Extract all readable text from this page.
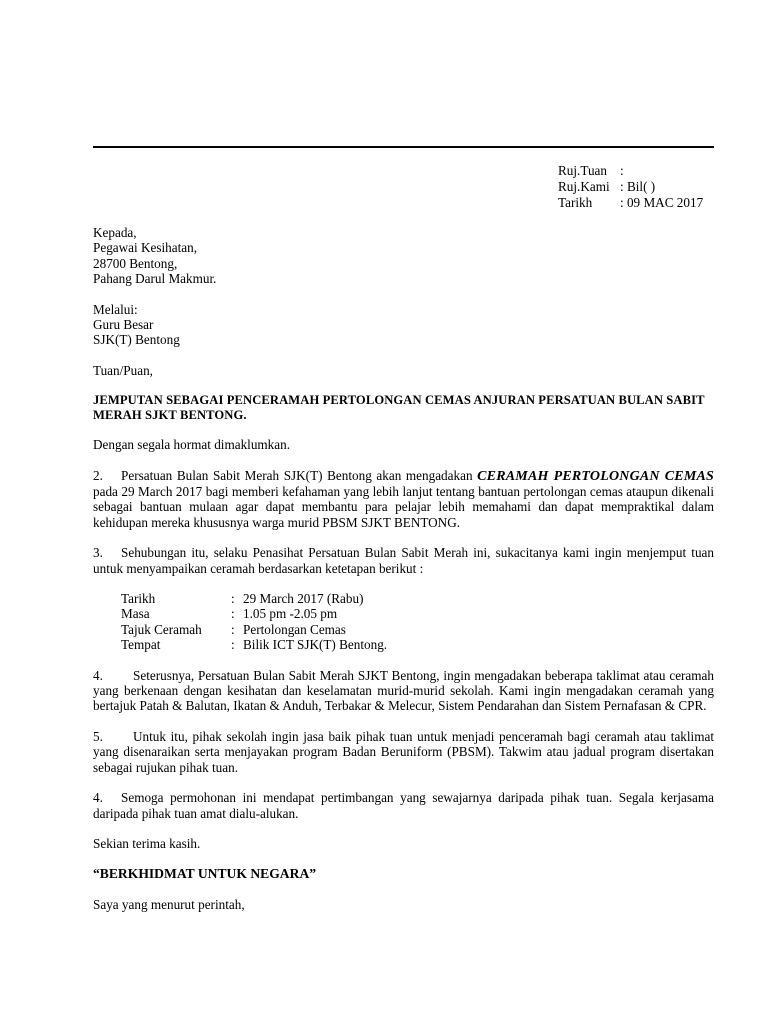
Ruj.Tuan :
Ruj.Kami : Bil( )
Tarikh	: 09 MAC 2017

Kepada,

Pegawai Kesihatan,

28700 Bentong,

Pahang Darul Makmur.

Melalui:

Guru Besar

SJK(T) Bentong

Tuan/Puan,

JEMPUTAN SEBAGAI PENCERAMAH PERTOLONGAN CEMAS ANJURAN PERSATUAN BULAN SABIT MERAH SJKT BENTONG.

Dengan segala hormat dimaklumkan.

2. Persatuan Bulan Sabit Merah SJK(T) Bentong akan mengadakan CERAMAH PERTOLONGAN CEMAS pada 29 March 2017 bagi memberi kefahaman yang lebih lanjut tentang bantuan pertolongan cemas ataupun dikenali sebagai bantuan mulaan agar dapat membantu para pelajar lebih memahami dan dapat mempraktikal dalam kehidupan mereka khususnya warga murid PBSM SJKT BENTONG.

3. Sehubungan itu, selaku Penasihat Persatuan Bulan Sabit Merah ini, sukacitanya kami ingin menjemput tuan untuk menyampaikan ceramah berdasarkan ketetapan berikut :

Tarikh	: 29 March 2017 (Rabu)
Masa	: 1.05 pm -2.05 pm
Tajuk Ceramah	: Pertolongan Cemas
Tempat	: Bilik ICT SJK(T) Bentong.

4. Seterusnya, Persatuan Bulan Sabit Merah SJKT Bentong, ingin mengadakan beberapa taklimat atau ceramah yang berkenaan dengan kesihatan dan keselamatan murid-murid sekolah. Kami ingin mengadakan ceramah yang bertajuk Patah & Balutan, Ikatan & Anduh, Terbakar & Melecur, Sistem Pendarahan dan Sistem Pernafasan & CPR.

5. Untuk itu, pihak sekolah ingin jasa baik pihak tuan untuk menjadi penceramah bagi ceramah atau taklimat yang disenaraikan serta menjayakan program Badan Beruniform (PBSM). Takwim atau jadual program disertakan sebagai rujukan pihak tuan.

4. Semoga permohonan ini mendapat pertimbangan yang sewajarnya daripada pihak tuan. Segala kerjasama daripada pihak tuan amat dialu-alukan.

Sekian terima kasih.

“BERKHIDMAT UNTUK NEGARA”

Saya yang menurut perintah,
